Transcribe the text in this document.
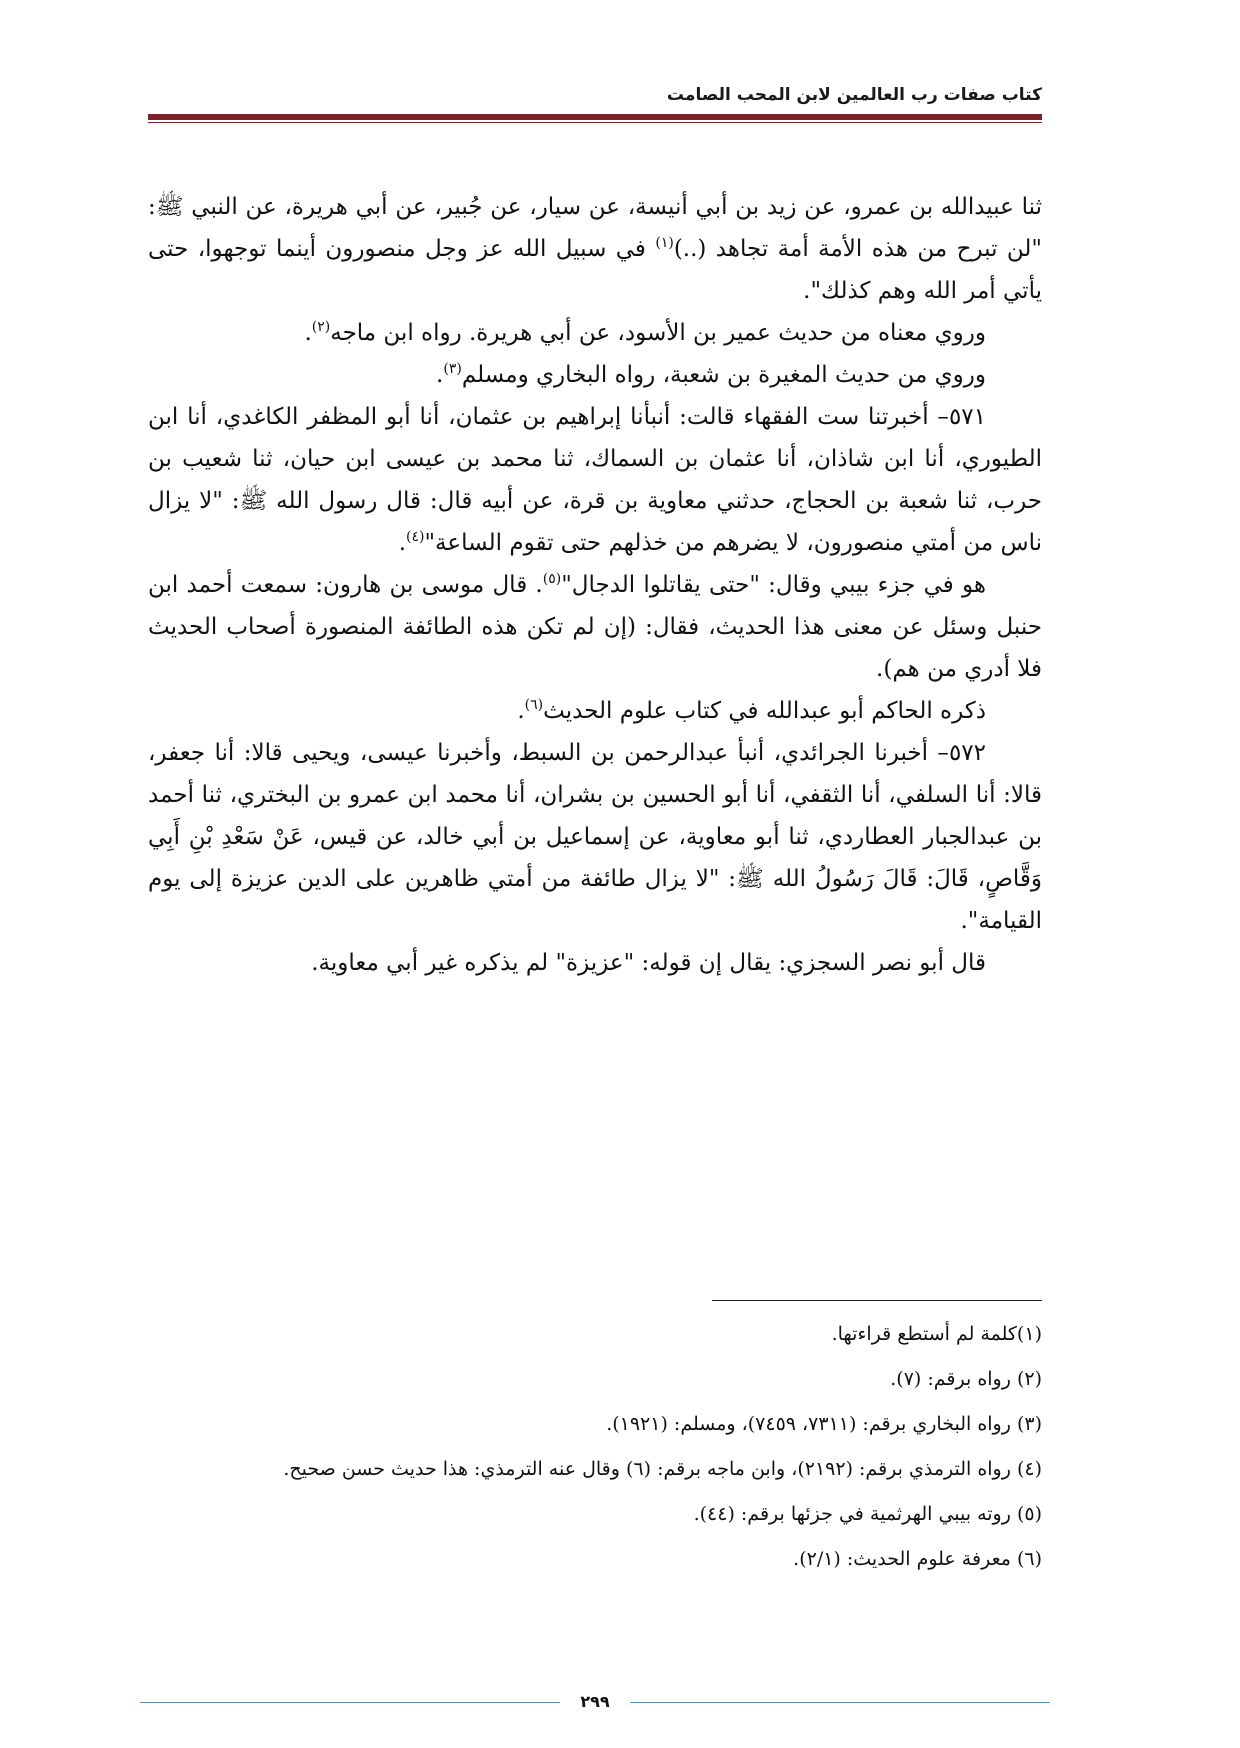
كتاب صفات رب العالمين لابن المحب الصامت

ثنا عبيدالله بن عمرو، عن زيد بن أبي أنيسة، عن سيار، عن جُبير، عن أبي هريرة، عن النبي ﷺ: "لن تبرح من هذه الأمة أمة تجاهد (..)$^{(١)}$ في سبيل الله عز وجل منصورون أينما توجهوا، حتى يأتي أمر الله وهم كذلك".

وروي معناه من حديث عمير بن الأسود، عن أبي هريرة. رواه ابن ماجه$^{(٢)}$.

وروي من حديث المغيرة بن شعبة، رواه البخاري ومسلم$^{(٣)}$.

٥٧١– أخبرتنا ست الفقهاء قالت: أنبأنا إبراهيم بن عثمان، أنا أبو المظفر الكاغدي، أنا ابن الطيوري، أنا ابن شاذان، أنا عثمان بن السماك، ثنا محمد بن عيسى ابن حيان، ثنا شعيب بن حرب، ثنا شعبة بن الحجاج، حدثني معاوية بن قرة، عن أبيه قال: قال رسول الله ﷺ: "لا يزال ناس من أمتي منصورون، لا يضرهم من خذلهم حتى تقوم الساعة"$^{(٤)}$.

هو في جزء بيبي وقال: "حتى يقاتلوا الدجال"$^{(٥)}$. قال موسى بن هارون: سمعت أحمد ابن حنبل وسئل عن معنى هذا الحديث، فقال: (إن لم تكن هذه الطائفة المنصورة أصحاب الحديث فلا أدري من هم).

ذكره الحاكم أبو عبدالله في كتاب علوم الحديث$^{(٦)}$.

٥٧٢– أخبرنا الجرائدي، أنبأ عبدالرحمن بن السبط، وأخبرنا عيسى، ويحيى قالا: أنا جعفر، قالا: أنا السلفي، أنا الثقفي، أنا أبو الحسين بن بشران، أنا محمد ابن عمرو بن البختري، ثنا أحمد بن عبدالجبار العطاردي، ثنا أبو معاوية، عن إسماعيل بن أبي خالد، عن قيس، عَنْ سَعْدِ بْنِ أَبِي وَقَّاصٍ، قَالَ: قَالَ رَسُولُ الله ﷺ: "لا يزال طائفة من أمتي ظاهرين على الدين عزيزة إلى يوم القيامة".

قال أبو نصر السجزي: يقال إن قوله: "عزيزة" لم يذكره غير أبي معاوية.

(١)كلمة لم أستطع قراءتها.

(٢) رواه برقم: (٧).

(٣) رواه البخاري برقم: (٧٣١١، ٧٤٥٩)، ومسلم: (١٩٢١).

(٤) رواه الترمذي برقم: (٢١٩٢)، وابن ماجه برقم: (٦) وقال عنه الترمذي: هذا حديث حسن صحيح.

(٥) روته بيبي الهرثمية في جزئها برقم: (٤٤).

(٦) معرفة علوم الحديث: (٢/١).

٢٩٩
